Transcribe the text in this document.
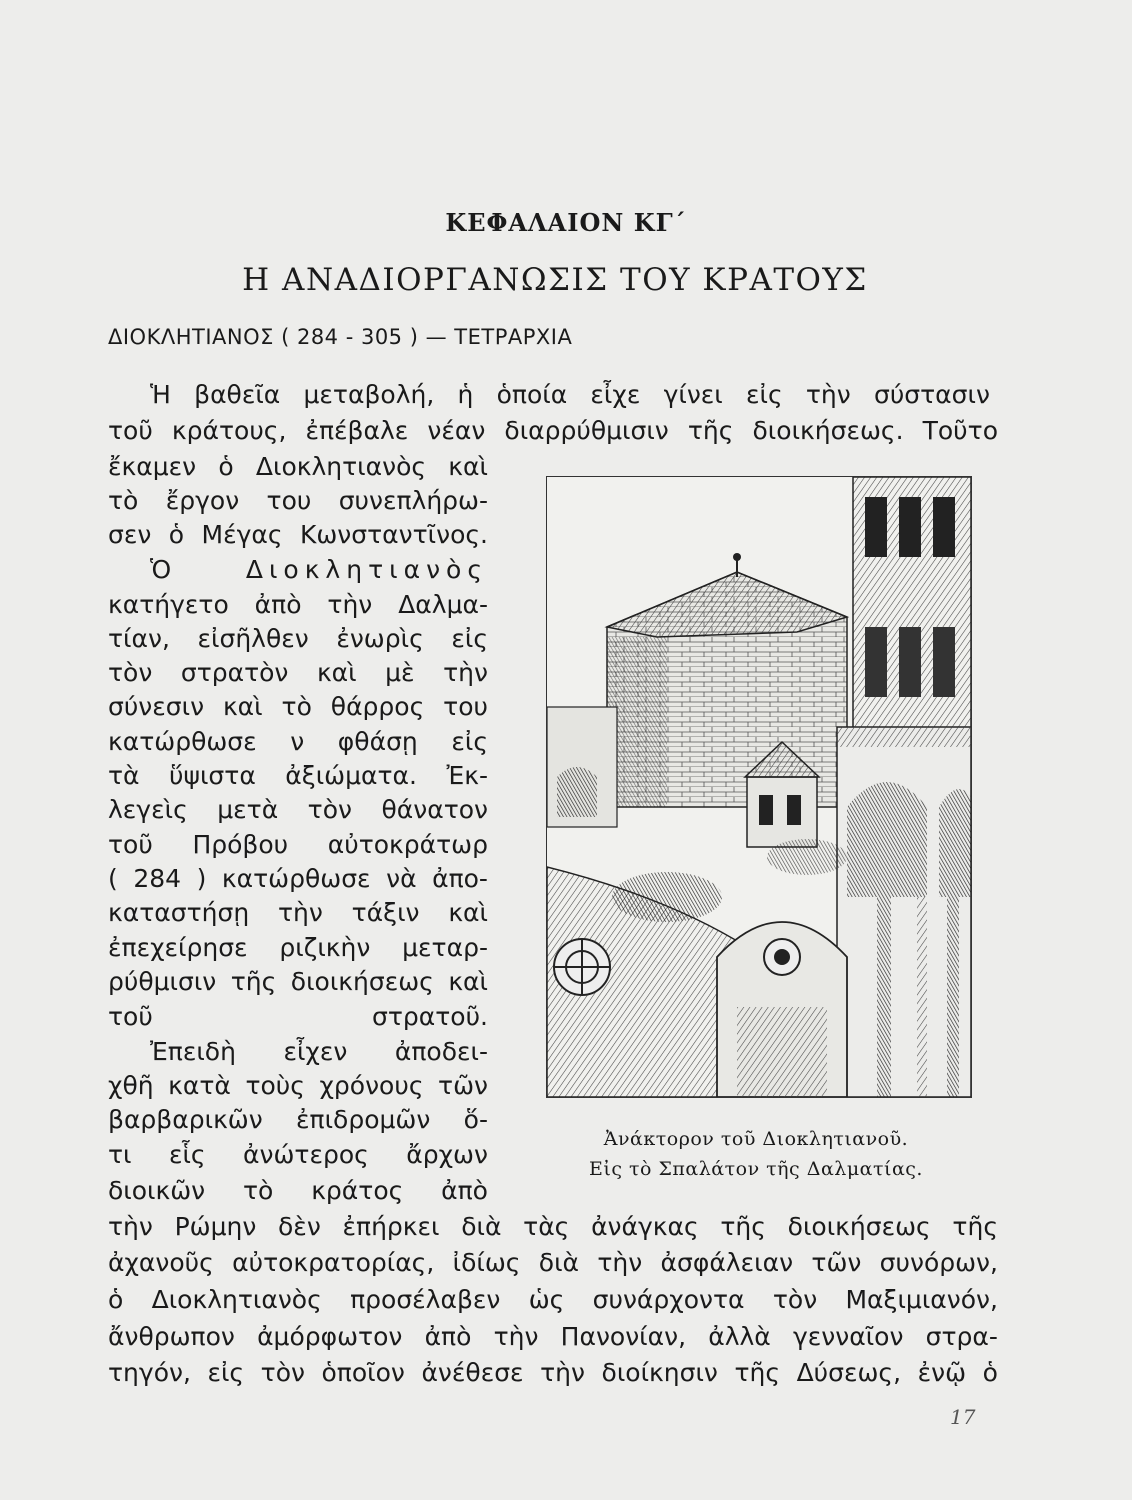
ΚΕΦΑΛΑΙΟΝ ΚΓ΄
Η ΑΝΑΔΙΟΡΓΑΝΩΣΙΣ ΤΟΥ ΚΡΑΤΟΥΣ
ΔΙΟΚΛΗΤΙΑΝΟΣ ( 284 - 305 ) — ΤΕΤΡΑΡΧΙΑ
Ἡ βαθεῖα μεταβολή, ἡ ὁποία εἶχε γίνει εἰς τὴν σύστασιν
τοῦ κράτους, ἐπέβαλε νέαν διαρρύθμισιν τῆς διοικήσεως. Τοῦτο
ἔκαμεν ὁ Διοκλητιανὸς καὶ
τὸ ἔργον του συνεπλήρω-
σεν ὁ Μέγας Κωνσταντῖνος.
Ὁ	Διοκλητιανὸς
κατήγετο ἀπὸ τὴν Δαλμα-
τίαν, εἰσῆλθεν ἐνωρὶς εἰς
τὸν στρατὸν καὶ μὲ τὴν
σύνεσιν καὶ τὸ θάρρος του
κατώρθωσε ν φθάσῃ εἰς
τὰ ὕψιστα ἀξιώματα. Ἐκ-
λεγεὶς μετὰ τὸν θάνατον
τοῦ Πρόβου αὐτοκράτωρ
( 284 ) κατώρθωσε νὰ ἀπο-
καταστήσῃ τὴν τάξιν καὶ
ἐπεχείρησε ριζικὴν μεταρ-
ρύθμισιν τῆς διοικήσεως καὶ
τοῦ	στρατοῦ.
Ἐπειδὴ εἶχεν ἀποδει-
χθῆ κατὰ τοὺς χρόνους τῶν
βαρβαρικῶν ἐπιδρομῶν ὅ-
τι εἷς ἀνώτερος ἄρχων
διοικῶν τὸ κράτος ἀπὸ
τὴν Ρώμην δὲν ἐπήρκει διὰ τὰς ἀνάγκας τῆς διοικήσεως τῆς
ἀχανοῦς αὐτοκρατορίας, ἰδίως διὰ τὴν ἀσφάλειαν τῶν συνόρων,
ὁ Διοκλητιανὸς προσέλαβεν ὡς συνάρχοντα τὸν Μαξιμιανόν,
ἄνθρωπον ἀμόρφωτον ἀπὸ τὴν Πανονίαν, ἀλλὰ γενναῖον στρα-
τηγόν, εἰς τὸν ὁποῖον ἀνέθεσε τὴν διοίκησιν τῆς Δύσεως, ἐνῷ ὁ
Ἀνάκτορον τοῦ Διοκλητιανοῦ.
Εἰς τὸ Σπαλάτον τῆς Δαλματίας.
17
